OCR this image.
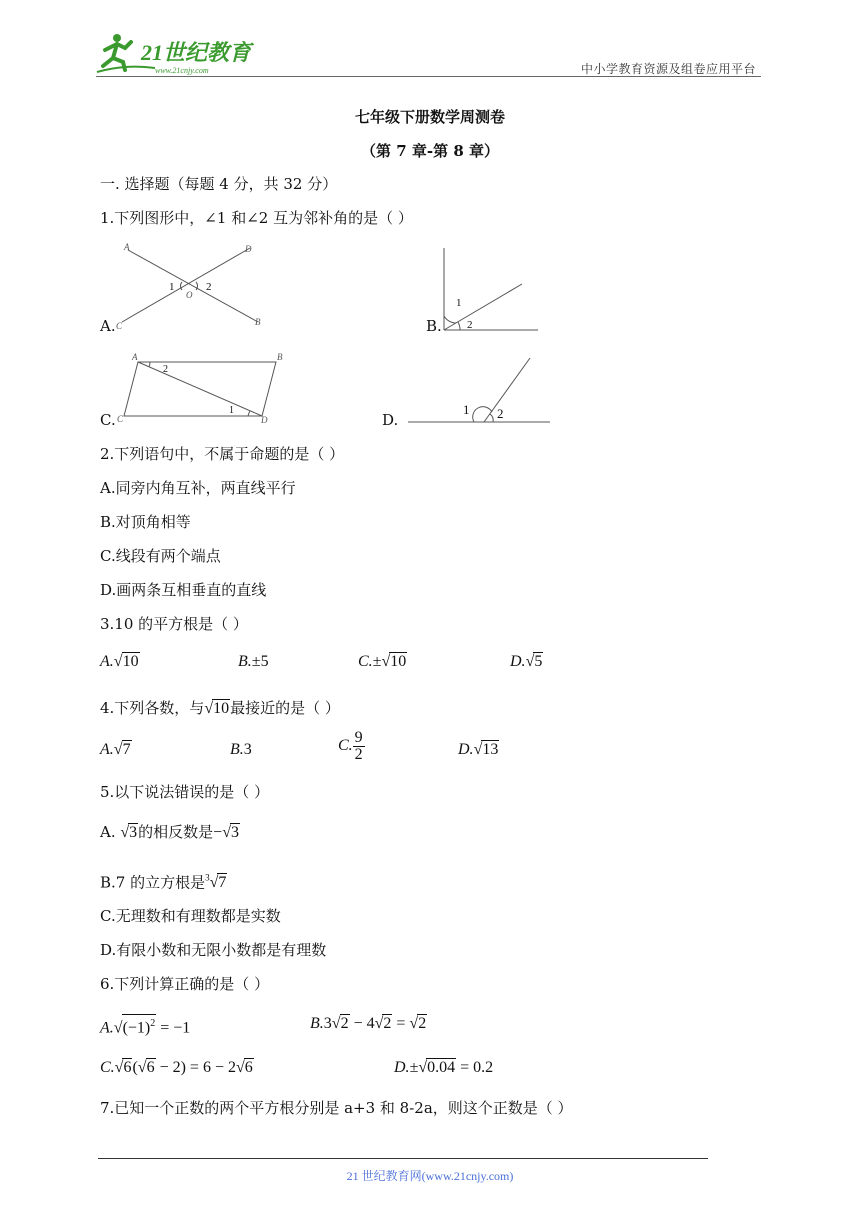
21世纪教育
www.21cnjy.com	中小学教育资源及组卷应用平台
七年级下册数学周测卷
（第 7 章-第 8 章）
一. 选择题（每题 4 分，共 32 分）
1.下列图形中，∠1 和∠2 互为邻补角的是（ ）
A	D
C	B
O
1	2
A.
1
2
B.
A	B
C	D
1
2
C.
1 2
D.
2.下列语句中，不属于命题的是（ ）
A.同旁内角互补，两直线平行
B.对顶角相等
C.线段有两个端点
D.画两条互相垂直的直线
3.10 的平方根是（ ）
A.√10	B.±5	C.±√10	D.√5
4.下列各数，与√10最接近的是（ ）
A.√7	B.3	C. $\frac{9}{2}$	D.√13
5.以下说法错误的是（ ）
A. √3的相反数是−√3
B.7 的立方根是$^3$√7
C.无理数和有理数都是实数
D.有限小数和无限小数都是有理数
6.下列计算正确的是（ ）
$A.√(-1)^2 = -1$	B.3√2 − 4√2 = √2
C.√6(√6 − 2) = 6 − 2√6	D.±√0.04 = 0.2
7.已知一个正数的两个平方根分别是 a+3 和 8-2a，则这个正数是（ ）
21 世纪教育网(www.21cnjy.com)
